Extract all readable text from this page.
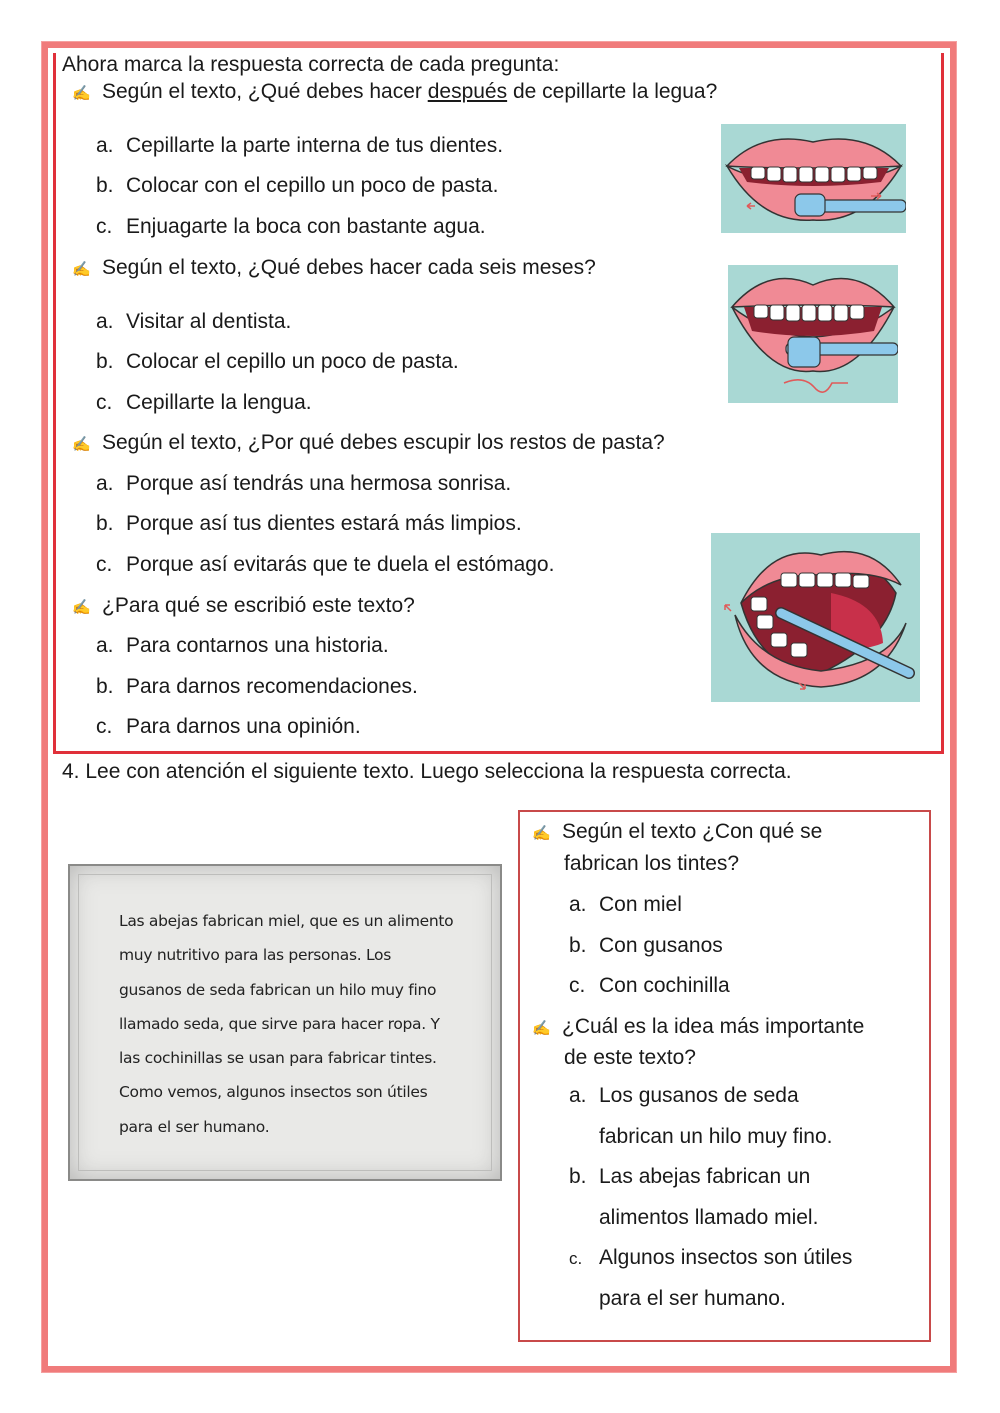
Ahora marca la respuesta correcta de cada pregunta:
✍ Según el texto, ¿Qué debes hacer después de cepillarte la legua?
a. Cepillarte la parte interna de tus dientes.
b. Colocar con el cepillo un poco de pasta.
c. Enjuagarte la boca con bastante agua.
✍ Según el texto, ¿Qué debes hacer cada seis meses?
a. Visitar al dentista.
b. Colocar el cepillo un poco de pasta.
c. Cepillarte la lengua.
✍ Según el texto, ¿Por qué debes escupir los restos de pasta?
a. Porque así tendrás una hermosa sonrisa.
b. Porque así tus dientes estará más limpios.
c. Porque así evitarás que te duela el estómago.
✍ ¿Para qué se escribió este texto?
a. Para contarnos una historia.
b. Para darnos recomendaciones.
c. Para darnos una opinión.
4. Lee con atención el siguiente texto. Luego selecciona la respuesta correcta.
Las abejas fabrican miel, que es un alimento
muy nutritivo para las personas. Los
gusanos de seda fabrican un hilo muy fino
llamado seda, que sirve para hacer ropa. Y
las cochinillas se usan para fabricar tintes.
Como vemos, algunos insectos son útiles
para el ser humano.
✍ Según el texto ¿Con qué se
fabrican los tintes?
a. Con miel
b. Con gusanos
c. Con cochinilla
✍ ¿Cuál es la idea más importante
de este texto?
a. Los gusanos de seda
fabrican un hilo muy fino.
b. Las abejas fabrican un
alimentos llamado miel.
c. Algunos insectos son útiles
para el ser humano.
